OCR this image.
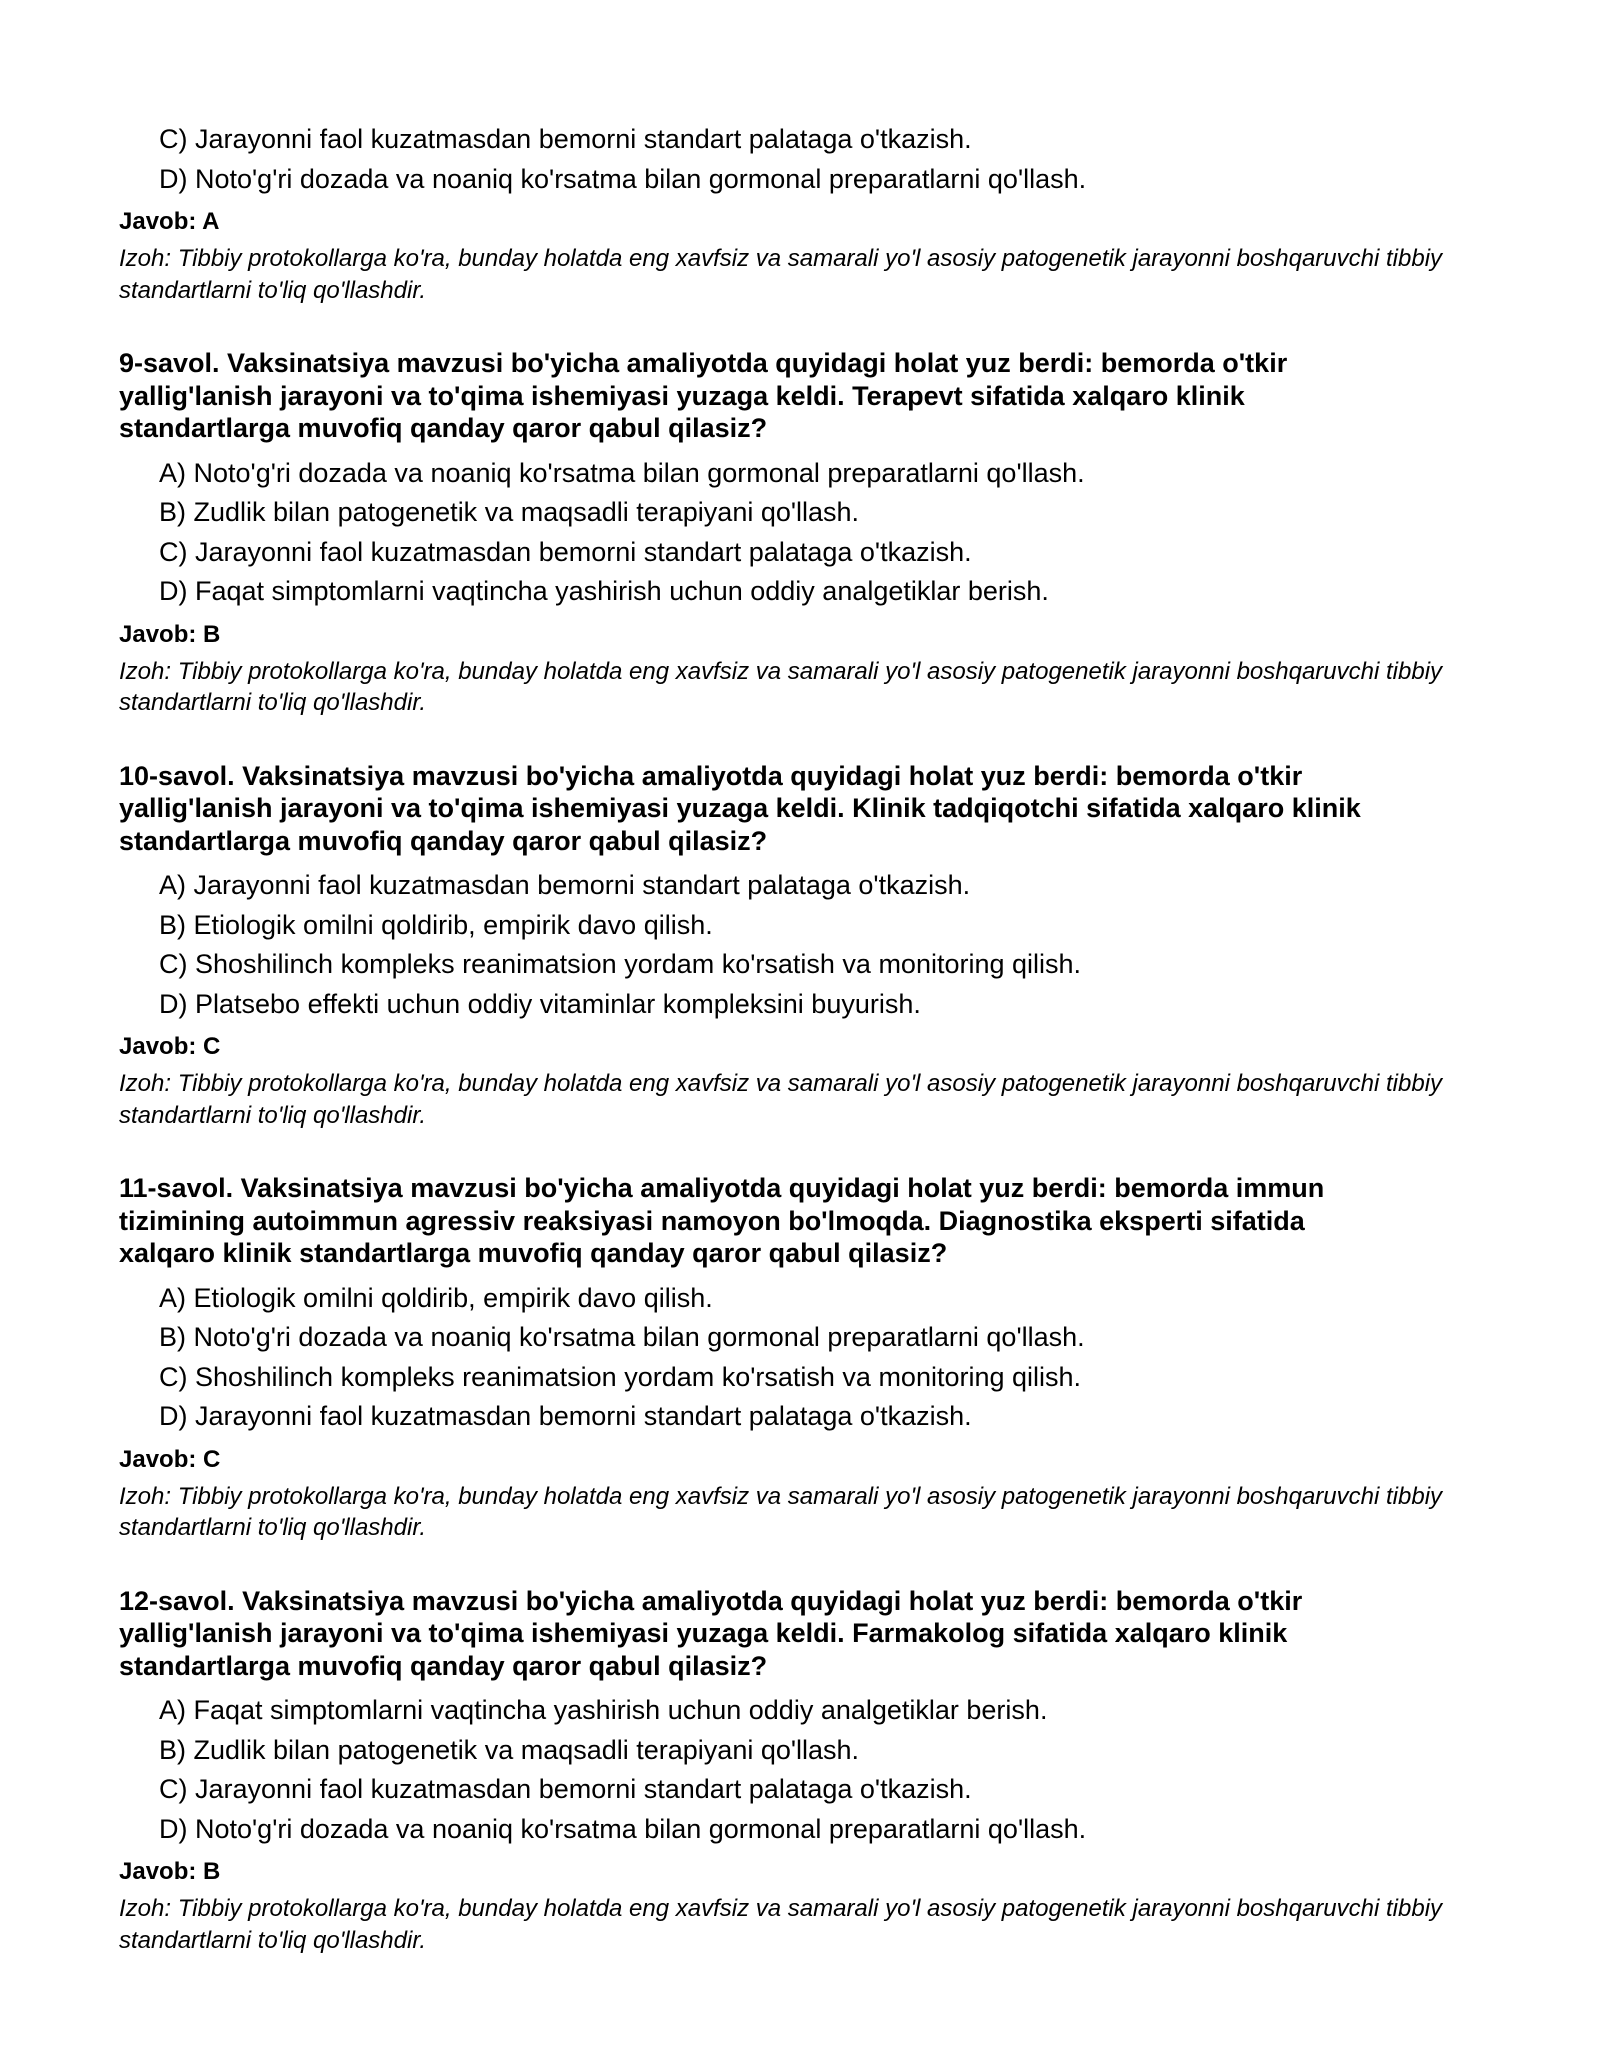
C) Jarayonni faol kuzatmasdan bemorni standart palataga o'tkazish.
D) Noto'g'ri dozada va noaniq ko'rsatma bilan gormonal preparatlarni qo'llash.
Javob: A
Izoh: Tibbiy protokollarga ko'ra, bunday holatda eng xavfsiz va samarali yo'l asosiy patogenetik jarayonni boshqaruvchi tibbiy standartlarni to'liq qo'llashdir.
9-savol. Vaksinatsiya mavzusi bo'yicha amaliyotda quyidagi holat yuz berdi: bemorda o'tkir
yallig'lanish jarayoni va to'qima ishemiyasi yuzaga keldi. Terapevt sifatida xalqaro klinik
standartlarga muvofiq qanday qaror qabul qilasiz?
A) Noto'g'ri dozada va noaniq ko'rsatma bilan gormonal preparatlarni qo'llash.
B) Zudlik bilan patogenetik va maqsadli terapiyani qo'llash.
C) Jarayonni faol kuzatmasdan bemorni standart palataga o'tkazish.
D) Faqat simptomlarni vaqtincha yashirish uchun oddiy analgetiklar berish.
Javob: B
Izoh: Tibbiy protokollarga ko'ra, bunday holatda eng xavfsiz va samarali yo'l asosiy patogenetik jarayonni boshqaruvchi tibbiy standartlarni to'liq qo'llashdir.
10-savol. Vaksinatsiya mavzusi bo'yicha amaliyotda quyidagi holat yuz berdi: bemorda o'tkir
yallig'lanish jarayoni va to'qima ishemiyasi yuzaga keldi. Klinik tadqiqotchi sifatida xalqaro klinik
standartlarga muvofiq qanday qaror qabul qilasiz?
A) Jarayonni faol kuzatmasdan bemorni standart palataga o'tkazish.
B) Etiologik omilni qoldirib, empirik davo qilish.
C) Shoshilinch kompleks reanimatsion yordam ko'rsatish va monitoring qilish.
D) Platsebo effekti uchun oddiy vitaminlar kompleksini buyurish.
Javob: C
Izoh: Tibbiy protokollarga ko'ra, bunday holatda eng xavfsiz va samarali yo'l asosiy patogenetik jarayonni boshqaruvchi tibbiy standartlarni to'liq qo'llashdir.
11-savol. Vaksinatsiya mavzusi bo'yicha amaliyotda quyidagi holat yuz berdi: bemorda immun
tizimining autoimmun agressiv reaksiyasi namoyon bo'lmoqda. Diagnostika eksperti sifatida
xalqaro klinik standartlarga muvofiq qanday qaror qabul qilasiz?
A) Etiologik omilni qoldirib, empirik davo qilish.
B) Noto'g'ri dozada va noaniq ko'rsatma bilan gormonal preparatlarni qo'llash.
C) Shoshilinch kompleks reanimatsion yordam ko'rsatish va monitoring qilish.
D) Jarayonni faol kuzatmasdan bemorni standart palataga o'tkazish.
Javob: C
Izoh: Tibbiy protokollarga ko'ra, bunday holatda eng xavfsiz va samarali yo'l asosiy patogenetik jarayonni boshqaruvchi tibbiy standartlarni to'liq qo'llashdir.
12-savol. Vaksinatsiya mavzusi bo'yicha amaliyotda quyidagi holat yuz berdi: bemorda o'tkir
yallig'lanish jarayoni va to'qima ishemiyasi yuzaga keldi. Farmakolog sifatida xalqaro klinik
standartlarga muvofiq qanday qaror qabul qilasiz?
A) Faqat simptomlarni vaqtincha yashirish uchun oddiy analgetiklar berish.
B) Zudlik bilan patogenetik va maqsadli terapiyani qo'llash.
C) Jarayonni faol kuzatmasdan bemorni standart palataga o'tkazish.
D) Noto'g'ri dozada va noaniq ko'rsatma bilan gormonal preparatlarni qo'llash.
Javob: B
Izoh: Tibbiy protokollarga ko'ra, bunday holatda eng xavfsiz va samarali yo'l asosiy patogenetik jarayonni boshqaruvchi tibbiy standartlarni to'liq qo'llashdir.
